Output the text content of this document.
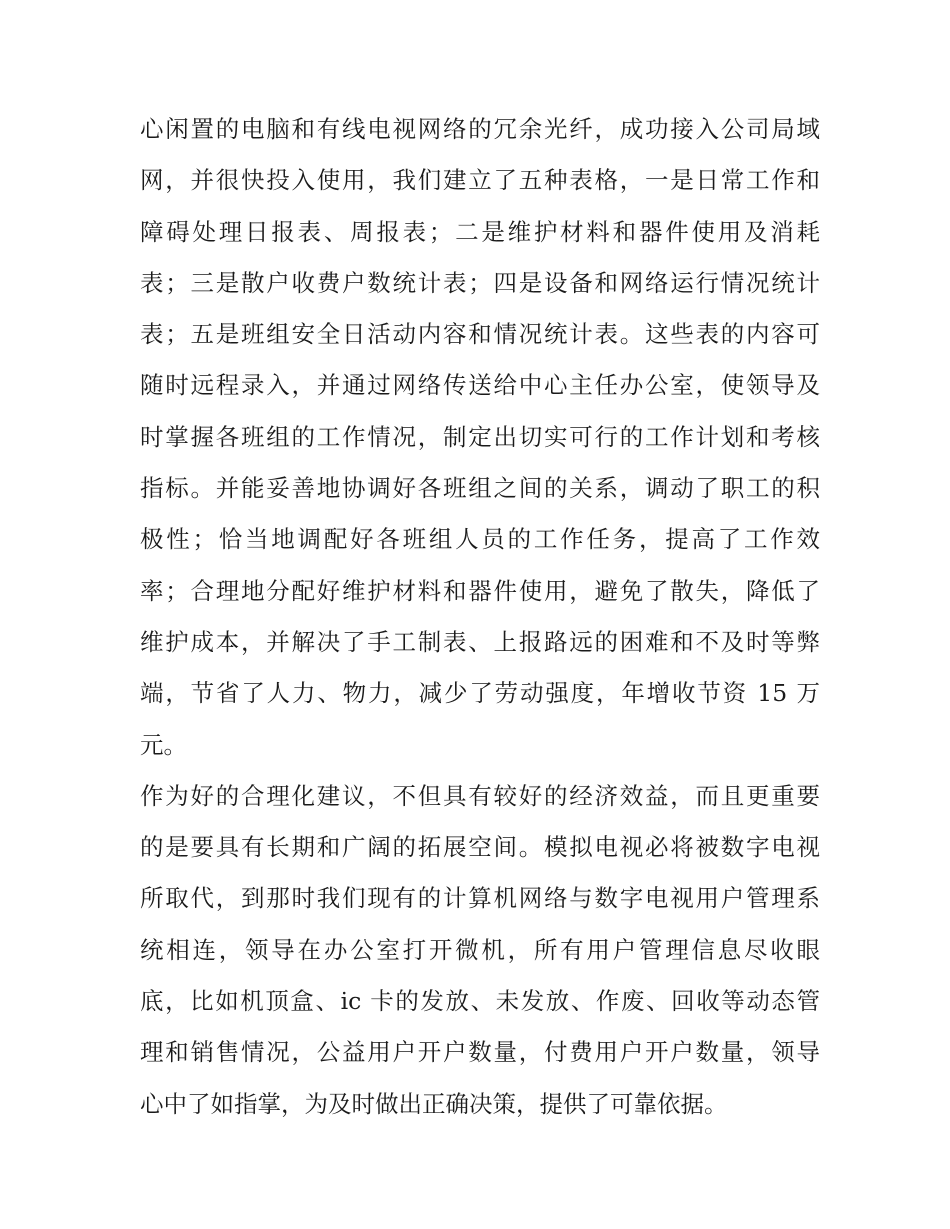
心闲置的电脑和有线电视网络的冗余光纤，成功接入公司局域
网，并很快投入使用，我们建立了五种表格，一是日常工作和
障碍处理日报表、周报表；二是维护材料和器件使用及消耗
表；三是散户收费户数统计表；四是设备和网络运行情况统计
表；五是班组安全日活动内容和情况统计表。这些表的内容可
随时远程录入，并通过网络传送给中心主任办公室，使领导及
时掌握各班组的工作情况，制定出切实可行的工作计划和考核
指标。并能妥善地协调好各班组之间的关系，调动了职工的积
极性；恰当地调配好各班组人员的工作任务，提高了工作效
率；合理地分配好维护材料和器件使用，避免了散失，降低了
维护成本，并解决了手工制表、上报路远的困难和不及时等弊
端，节省了人力、物力，减少了劳动强度，年增收节资 15 万
元。
作为好的合理化建议，不但具有较好的经济效益，而且更重要
的是要具有长期和广阔的拓展空间。模拟电视必将被数字电视
所取代，到那时我们现有的计算机网络与数字电视用户管理系
统相连，领导在办公室打开微机，所有用户管理信息尽收眼
底，比如机顶盒、ic 卡的发放、未发放、作废、回收等动态管
理和销售情况，公益用户开户数量，付费用户开户数量，领导
心中了如指掌，为及时做出正确决策，提供了可靠依据。
